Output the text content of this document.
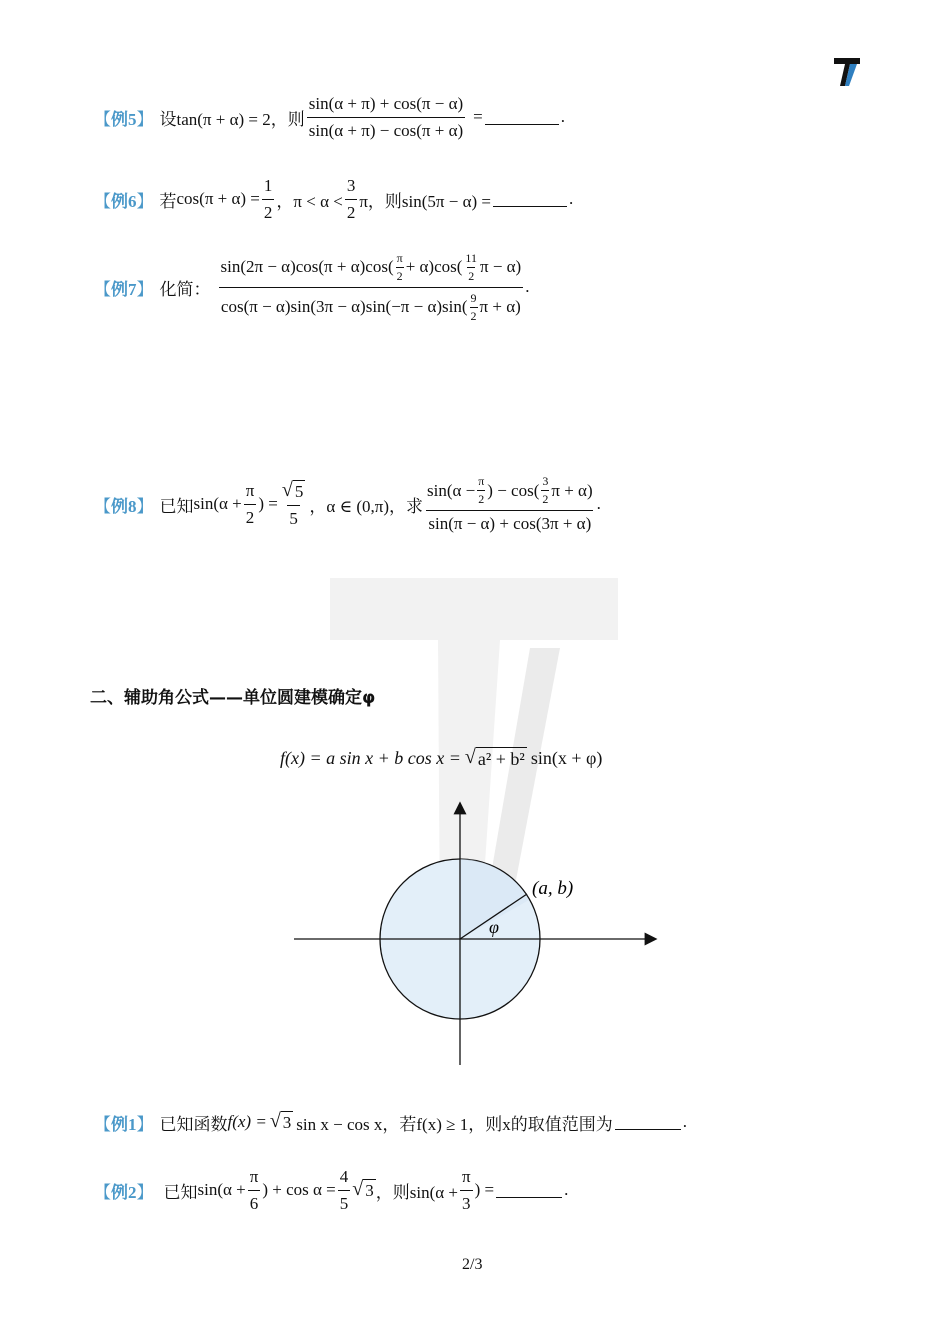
【例5】 设 tan(π + α) = 2，则 $\frac{\sin(\alpha + \pi) + \cos(\pi - \alpha)}{\sin(\alpha + \pi) - \cos(\pi + \alpha)}$ =	.
【例6】 若 $\cos(\pi + \alpha) = \frac{1}{2}$ ，$\pi < \alpha < \frac{3}{2}$ π，则sin(5π − α) =	.
【例7】 化简：
$\sin(2\pi - \alpha)\cos(\pi + \alpha)\cos( \frac{\pi}{2} + \alpha)\cos( \frac{11}{2}$ π − α)
$\cos(\pi - \alpha)\sin(3\pi - \alpha)\sin(-\pi - \alpha)\sin( \frac{9}{2}$ π + α)
.
【例8】 已知 $\sin(\alpha + \frac{\pi}{2}$ ) = $\frac{√ 5}{5}$ ，α ∈ (0,π)，求 $\frac{\sin(\alpha - \frac{\pi}{2} ) - \cos( \frac{3}{2} \pi + \alpha)}{\sin(\pi - \alpha) + \cos(3\pi + \alpha)}$ .
二、辅助角公式——单位圆建模确定φ
f(x) = a sin x + b cos x = √ a² + b² sin(x + φ)
(a, b)
φ
【例1】 已知函数 f(x) = √ 3 sin x − cos x，若f(x) ≥ 1，则x的取值范围为	.
【例2】 已知 $\sin(\alpha + \frac{\pi}{6}$ ) + $\cos \alpha = \frac{4}{5}$ √ 3 ，则$\sin(\alpha + \frac{\pi}{3}$ ) =	.
2/3
